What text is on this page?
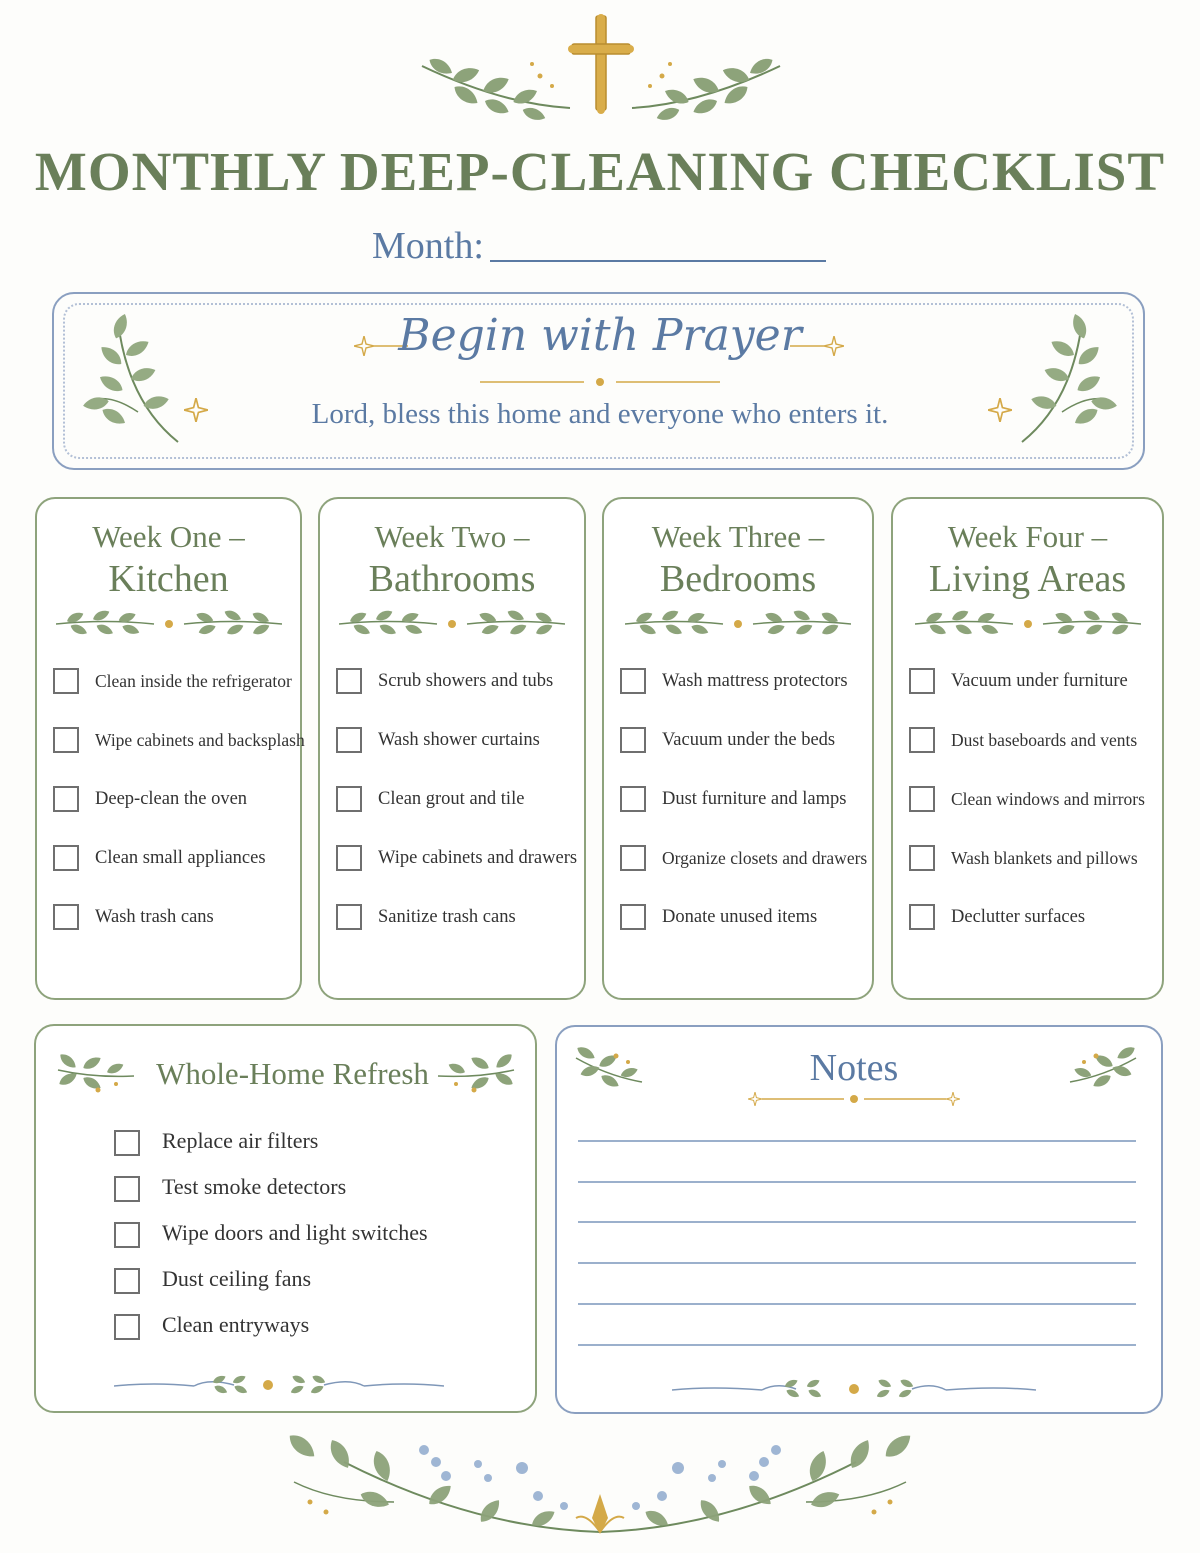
MONTHLY DEEP-CLEANING CHECKLIST
Month:
Begin with Prayer
Lord, bless this home and everyone who enters it.
Week One –
Kitchen
Clean inside the refrigerator
Wipe cabinets and backsplash
Deep-clean the oven
Clean small appliances
Wash trash cans
Week Two –
Bathrooms
Scrub showers and tubs
Wash shower curtains
Clean grout and tile
Wipe cabinets and drawers
Sanitize trash cans
Week Three –
Bedrooms
Wash mattress protectors
Vacuum under the beds
Dust furniture and lamps
Organize closets and drawers
Donate unused items
Week Four –
Living Areas
Vacuum under furniture
Dust baseboards and vents
Clean windows and mirrors
Wash blankets and pillows
Declutter surfaces
Whole-Home Refresh
Replace air filters
Test smoke detectors
Wipe doors and light switches
Dust ceiling fans
Clean entryways
Notes
